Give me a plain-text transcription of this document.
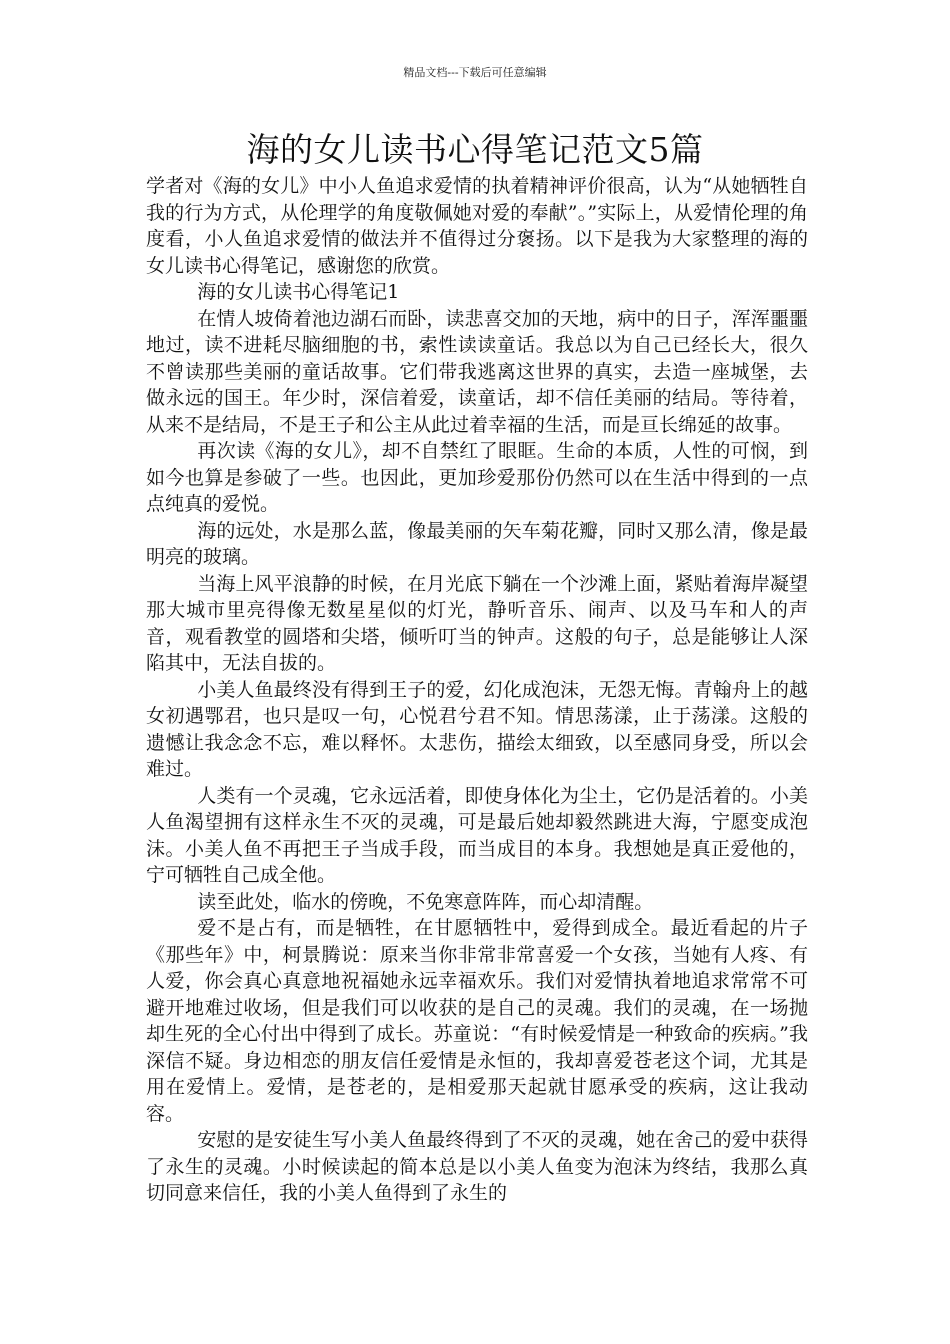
精品文档---下载后可任意编辑
海的女儿读书心得笔记范文5篇

学者对《海的女儿》中小人鱼追求爱情的执着精神评价很高，认为“从她牺牲自我的行为方式，从伦理学的角度敬佩她对爱的奉献”。”实际上，从爱情伦理的角度看，小人鱼追求爱情的做法并不值得过分褒扬。以下是我为大家整理的海的女儿读书心得笔记，感谢您的欣赏。

海的女儿读书心得笔记1

在情人坡倚着池边湖石而卧，读悲喜交加的天地，病中的日子，浑浑噩噩地过，读不进耗尽脑细胞的书，索性读读童话。我总以为自己已经长大，很久不曾读那些美丽的童话故事。它们带我逃离这世界的真实，去造一座城堡，去做永远的国王。年少时，深信着爱，读童话，却不信任美丽的结局。等待着，从来不是结局，不是王子和公主从此过着幸福的生活，而是亘长绵延的故事。

再次读《海的女儿》，却不自禁红了眼眶。生命的本质，人性的可悯，到如今也算是参破了一些。也因此，更加珍爱那份仍然可以在生活中得到的一点点纯真的爱悦。

海的远处，水是那么蓝，像最美丽的矢车菊花瓣，同时又那么清，像是最明亮的玻璃。

当海上风平浪静的时候，在月光底下躺在一个沙滩上面，紧贴着海岸凝望那大城市里亮得像无数星星似的灯光，静听音乐、闹声、以及马车和人的声音，观看教堂的圆塔和尖塔，倾听叮当的钟声。这般的句子，总是能够让人深陷其中，无法自拔的。

小美人鱼最终没有得到王子的爱，幻化成泡沫，无怨无悔。青翰舟上的越女初遇鄂君，也只是叹一句，心悦君兮君不知。情思荡漾，止于荡漾。这般的遗憾让我念念不忘，难以释怀。太悲伤，描绘太细致，以至感同身受，所以会难过。

人类有一个灵魂，它永远活着，即使身体化为尘土，它仍是活着的。小美人鱼渴望拥有这样永生不灭的灵魂，可是最后她却毅然跳进大海，宁愿变成泡沫。小美人鱼不再把王子当成手段，而当成目的本身。我想她是真正爱他的，宁可牺牲自己成全他。

读至此处，临水的傍晚，不免寒意阵阵，而心却清醒。

爱不是占有，而是牺牲，在甘愿牺牲中，爱得到成全。最近看起的片子《那些年》中，柯景腾说：原来当你非常非常喜爱一个女孩，当她有人疼、有人爱，你会真心真意地祝福她永远幸福欢乐。我们对爱情执着地追求常常不可避开地难过收场，但是我们可以收获的是自己的灵魂。我们的灵魂，在一场抛却生死的全心付出中得到了成长。苏童说：“有时候爱情是一种致命的疾病。”我深信不疑。身边相恋的朋友信任爱情是永恒的，我却喜爱苍老这个词，尤其是用在爱情上。爱情，是苍老的，是相爱那天起就甘愿承受的疾病，这让我动容。

安慰的是安徒生写小美人鱼最终得到了不灭的灵魂，她在舍己的爱中获得了永生的灵魂。小时候读起的简本总是以小美人鱼变为泡沫为终结，我那么真切同意来信任，我的小美人鱼得到了永生的
